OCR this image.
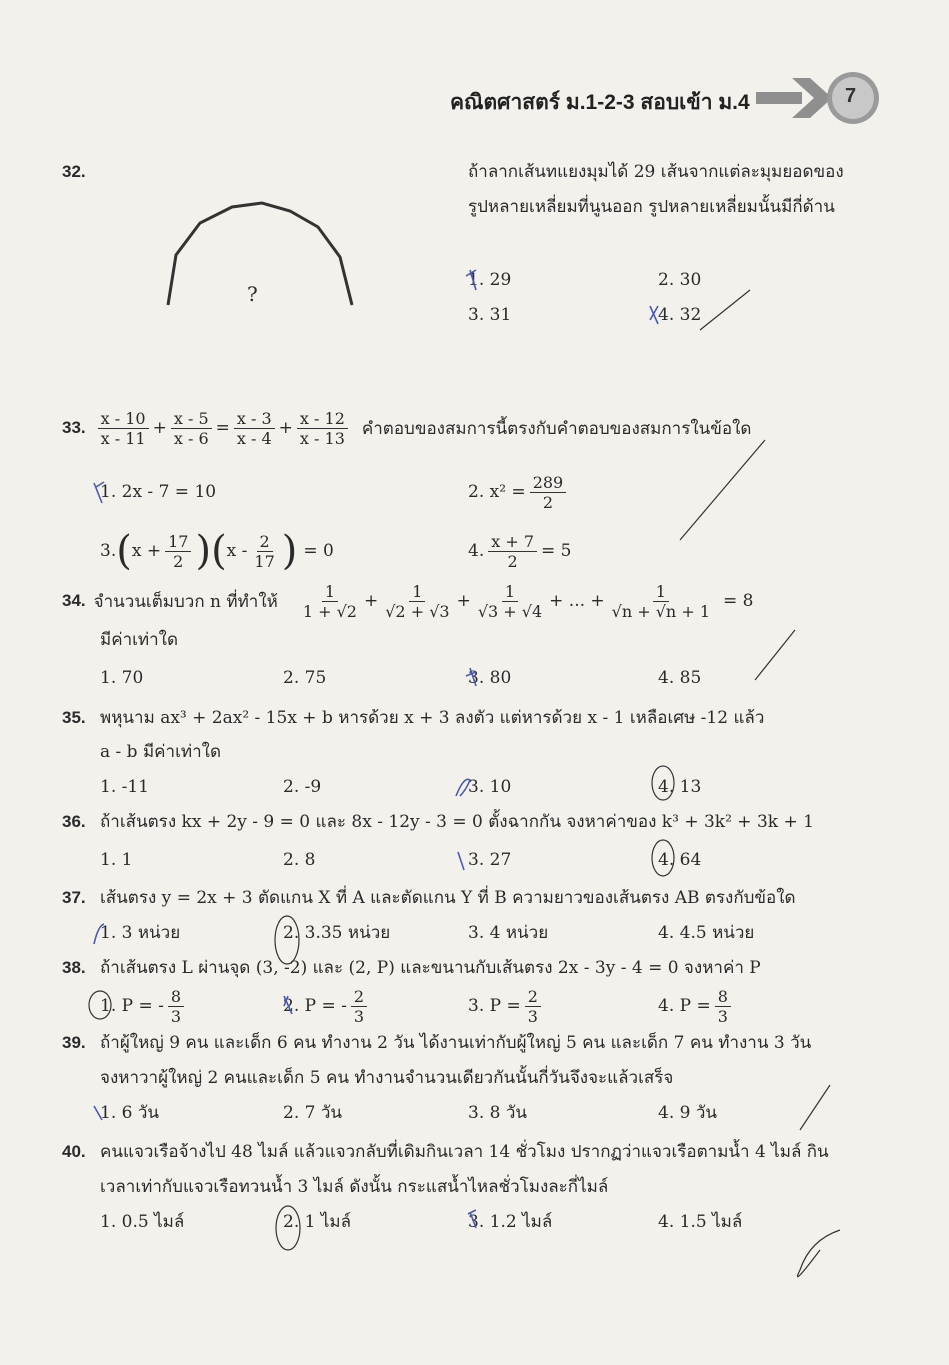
คณิตศาสตร์ ม.1-2-3 สอบเข้า ม.4	7
32.	ถ้าลากเส้นทแยงมุมได้ 29 เส้นจากแต่ละมุมยอดของ
รูปหลายเหลี่ยมที่นูนออก รูปหลายเหลี่ยมนั้นมีกี่ด้าน
?
1. 29	2. 30
3. 31	4. 32
33. $\frac{x - 10}{x - 11} + \frac{x - 5}{x - 6} = \frac{x - 3}{x - 4} + \frac{x - 12}{x - 13}$ คำตอบของสมการนี้ตรงกับคำตอบของสมการในข้อใด
1. 2x - 7 = 10	2. $x^2 = \frac{289}{2}$
3. ( $x + \frac{17}{2}$ ) ( x - $\frac{2}{17}$ ) = 0	4. $\frac{x + 7}{2} = 5$
34. จำนวนเต็มบวก n ที่ทำให้ $\frac{1}{1 + √2} + \frac{1}{√2 + √3} + \frac{1}{√3 + √4}$ + ... + $\frac{1}{√n + √n + 1} = 8$
มีค่าเท่าใด
1. 70	2. 75	3. 80	4. 85
35. พหุนาม ax³ + 2ax² - 15x + b หารด้วย x + 3 ลงตัว แต่หารด้วย x - 1 เหลือเศษ -12 แล้ว
a - b มีค่าเท่าใด
1. -11	2. -9	3. 10	4. 13
36. ถ้าเส้นตรง kx + 2y - 9 = 0 และ 8x - 12y - 3 = 0 ตั้งฉากกัน จงหาค่าของ k³ + 3k² + 3k + 1
1. 1	2. 8	3. 27	4. 64
37. เส้นตรง y = 2x + 3 ตัดแกน X ที่ A และตัดแกน Y ที่ B ความยาวของเส้นตรง AB ตรงกับข้อใด
1. 3 หน่วย	2. 3.35 หน่วย	3. 4 หน่วย	4. 4.5 หน่วย
38. ถ้าเส้นตรง L ผ่านจุด (3, -2) และ (2, P) และขนานกับเส้นตรง 2x - 3y - 4 = 0 จงหาค่า P
1. P = - $\frac{8}{3}$	2. P = - $\frac{2}{3}$	3. $P = \frac{2}{3}$	4. $P = \frac{8}{3}$
39. ถ้าผู้ใหญ่ 9 คน และเด็ก 6 คน ทำงาน 2 วัน ได้งานเท่ากับผู้ใหญ่ 5 คน และเด็ก 7 คน ทำงาน 3 วัน
จงหาวาผู้ใหญ่ 2 คนและเด็ก 5 คน ทำงานจำนวนเดียวกันนั้นกี่วันจึงจะแล้วเสร็จ
1. 6 วัน	2. 7 วัน	3. 8 วัน	4. 9 วัน
40. คนแจวเรือจ้างไป 48 ไมล์ แล้วแจวกลับที่เดิมกินเวลา 14 ชั่วโมง ปรากฏว่าแจวเรือตามน้ำ 4 ไมล์ กิน
เวลาเท่ากับแจวเรือทวนน้ำ 3 ไมล์ ดังนั้น กระแสน้ำไหลชั่วโมงละกี่ไมล์
1. 0.5 ไมล์	2. 1 ไมล์	3. 1.2 ไมล์	4. 1.5 ไมล์
